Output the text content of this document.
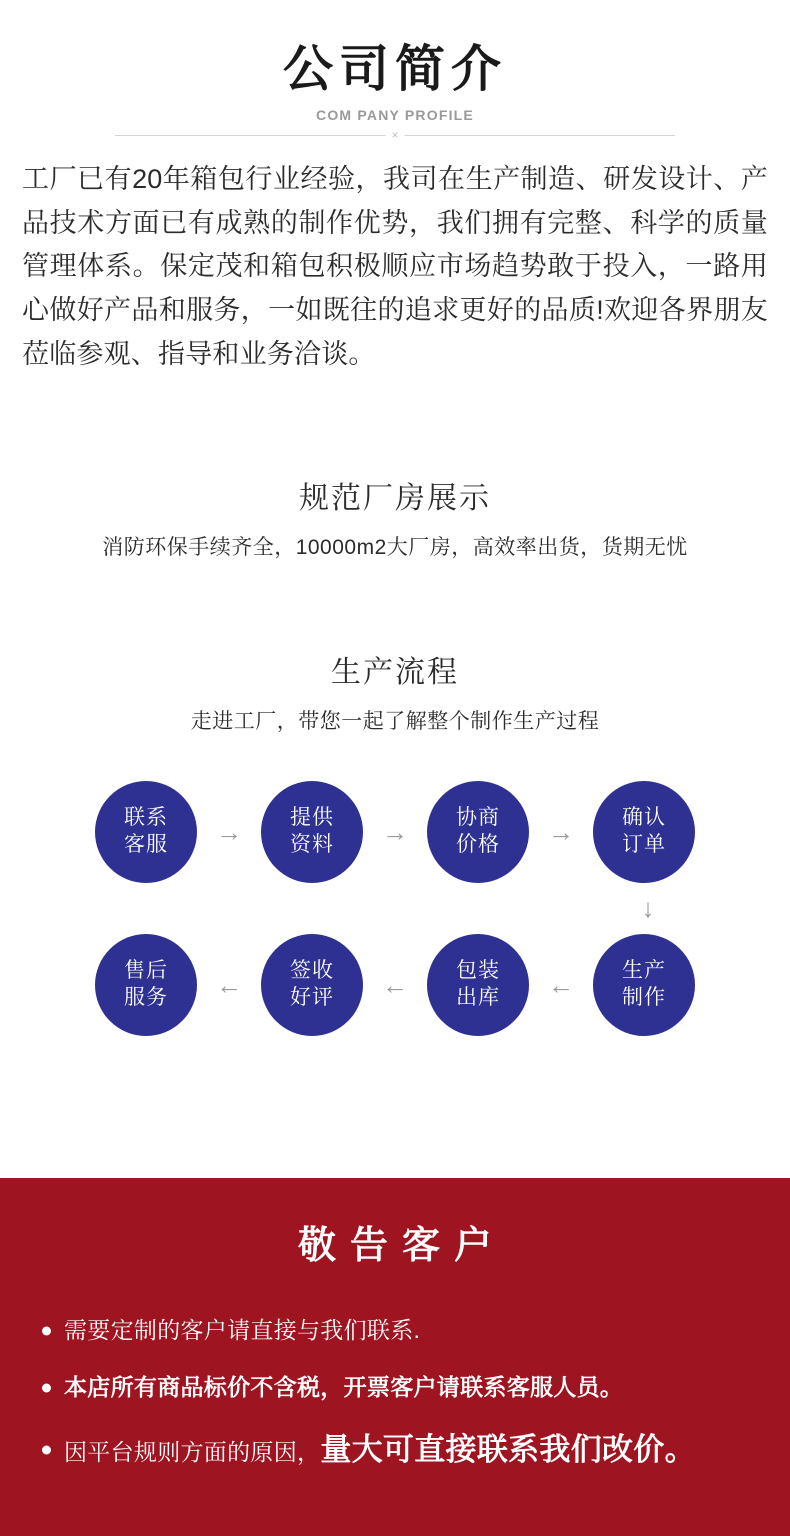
公司简介
COM PANY PROFILE
×
工厂已有20年箱包行业经验，我司在生产制造、研发设计、产品技术方面已有成熟的制作优势，我们拥有完整、科学的质量管理体系。保定茂和箱包积极顺应市场趋势敢于投入，一路用心做好产品和服务，一如既往的追求更好的品质!欢迎各界朋友莅临参观、指导和业务洽谈。
规范厂房展示
消防环保手续齐全，10000m2大厂房，高效率出货，货期无忧
生产流程
走进工厂，带您一起了解整个制作生产过程
联系
客服	→	提供
资料	→	协商
价格	→	确认
订单
↓
售后
服务	←	签收
好评	←	包装
出库	←	生产
制作
敬告客户
需要定制的客户请直接与我们联系.
本店所有商品标价不含税，开票客户请联系客服人员。
因平台规则方面的原因，量大可直接联系我们改价。
